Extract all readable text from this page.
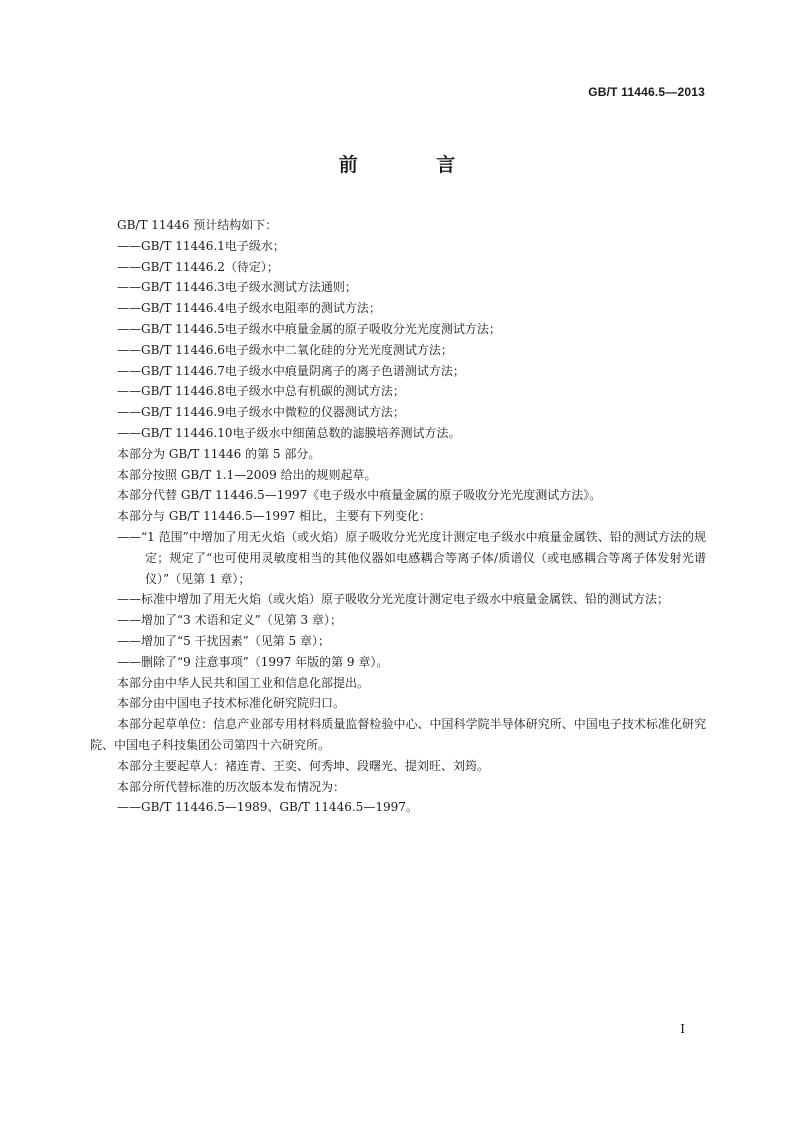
GB/T 11446.5—2013
前 言

GB/T 11446 预计结构如下：

——GB/T 11446.1电子级水；

——GB/T 11446.2（待定）；

——GB/T 11446.3电子级水测试方法通则；

——GB/T 11446.4电子级水电阻率的测试方法；

——GB/T 11446.5电子级水中痕量金属的原子吸收分光光度测试方法；

——GB/T 11446.6电子级水中二氧化硅的分光光度测试方法；

——GB/T 11446.7电子级水中痕量阴离子的离子色谱测试方法；

——GB/T 11446.8电子级水中总有机碳的测试方法；

——GB/T 11446.9电子级水中微粒的仪器测试方法；

——GB/T 11446.10电子级水中细菌总数的滤膜培养测试方法。

本部分为 GB/T 11446 的第 5 部分。

本部分按照 GB/T 1.1—2009 给出的规则起草。

本部分代替 GB/T 11446.5—1997《电子级水中痕量金属的原子吸收分光光度测试方法》。

本部分与 GB/T 11446.5—1997 相比，主要有下列变化：

——“1 范围”中增加了用无火焰（或火焰）原子吸收分光光度计测定电子级水中痕量金属铁、铅的测试方法的规定；规定了“也可使用灵敏度相当的其他仪器如电感耦合等离子体/质谱仪（或电感耦合等离子体发射光谱仪）”（见第 1 章）；

——标准中增加了用无火焰（或火焰）原子吸收分光光度计测定电子级水中痕量金属铁、铅的测试方法；

——增加了“3 术语和定义”（见第 3 章）；

——增加了“5 干扰因素”（见第 5 章）；

——删除了“9 注意事项”（1997 年版的第 9 章）。

本部分由中华人民共和国工业和信息化部提出。

本部分由中国电子技术标准化研究院归口。

本部分起草单位：信息产业部专用材料质量监督检验中心、中国科学院半导体研究所、中国电子技术标准化研究院、中国电子科技集团公司第四十六研究所。

本部分主要起草人：褚连青、王奕、何秀坤、段曙光、提刘旺、刘筠。

本部分所代替标准的历次版本发布情况为：

——GB/T 11446.5—1989、GB/T 11446.5—1997。

I
